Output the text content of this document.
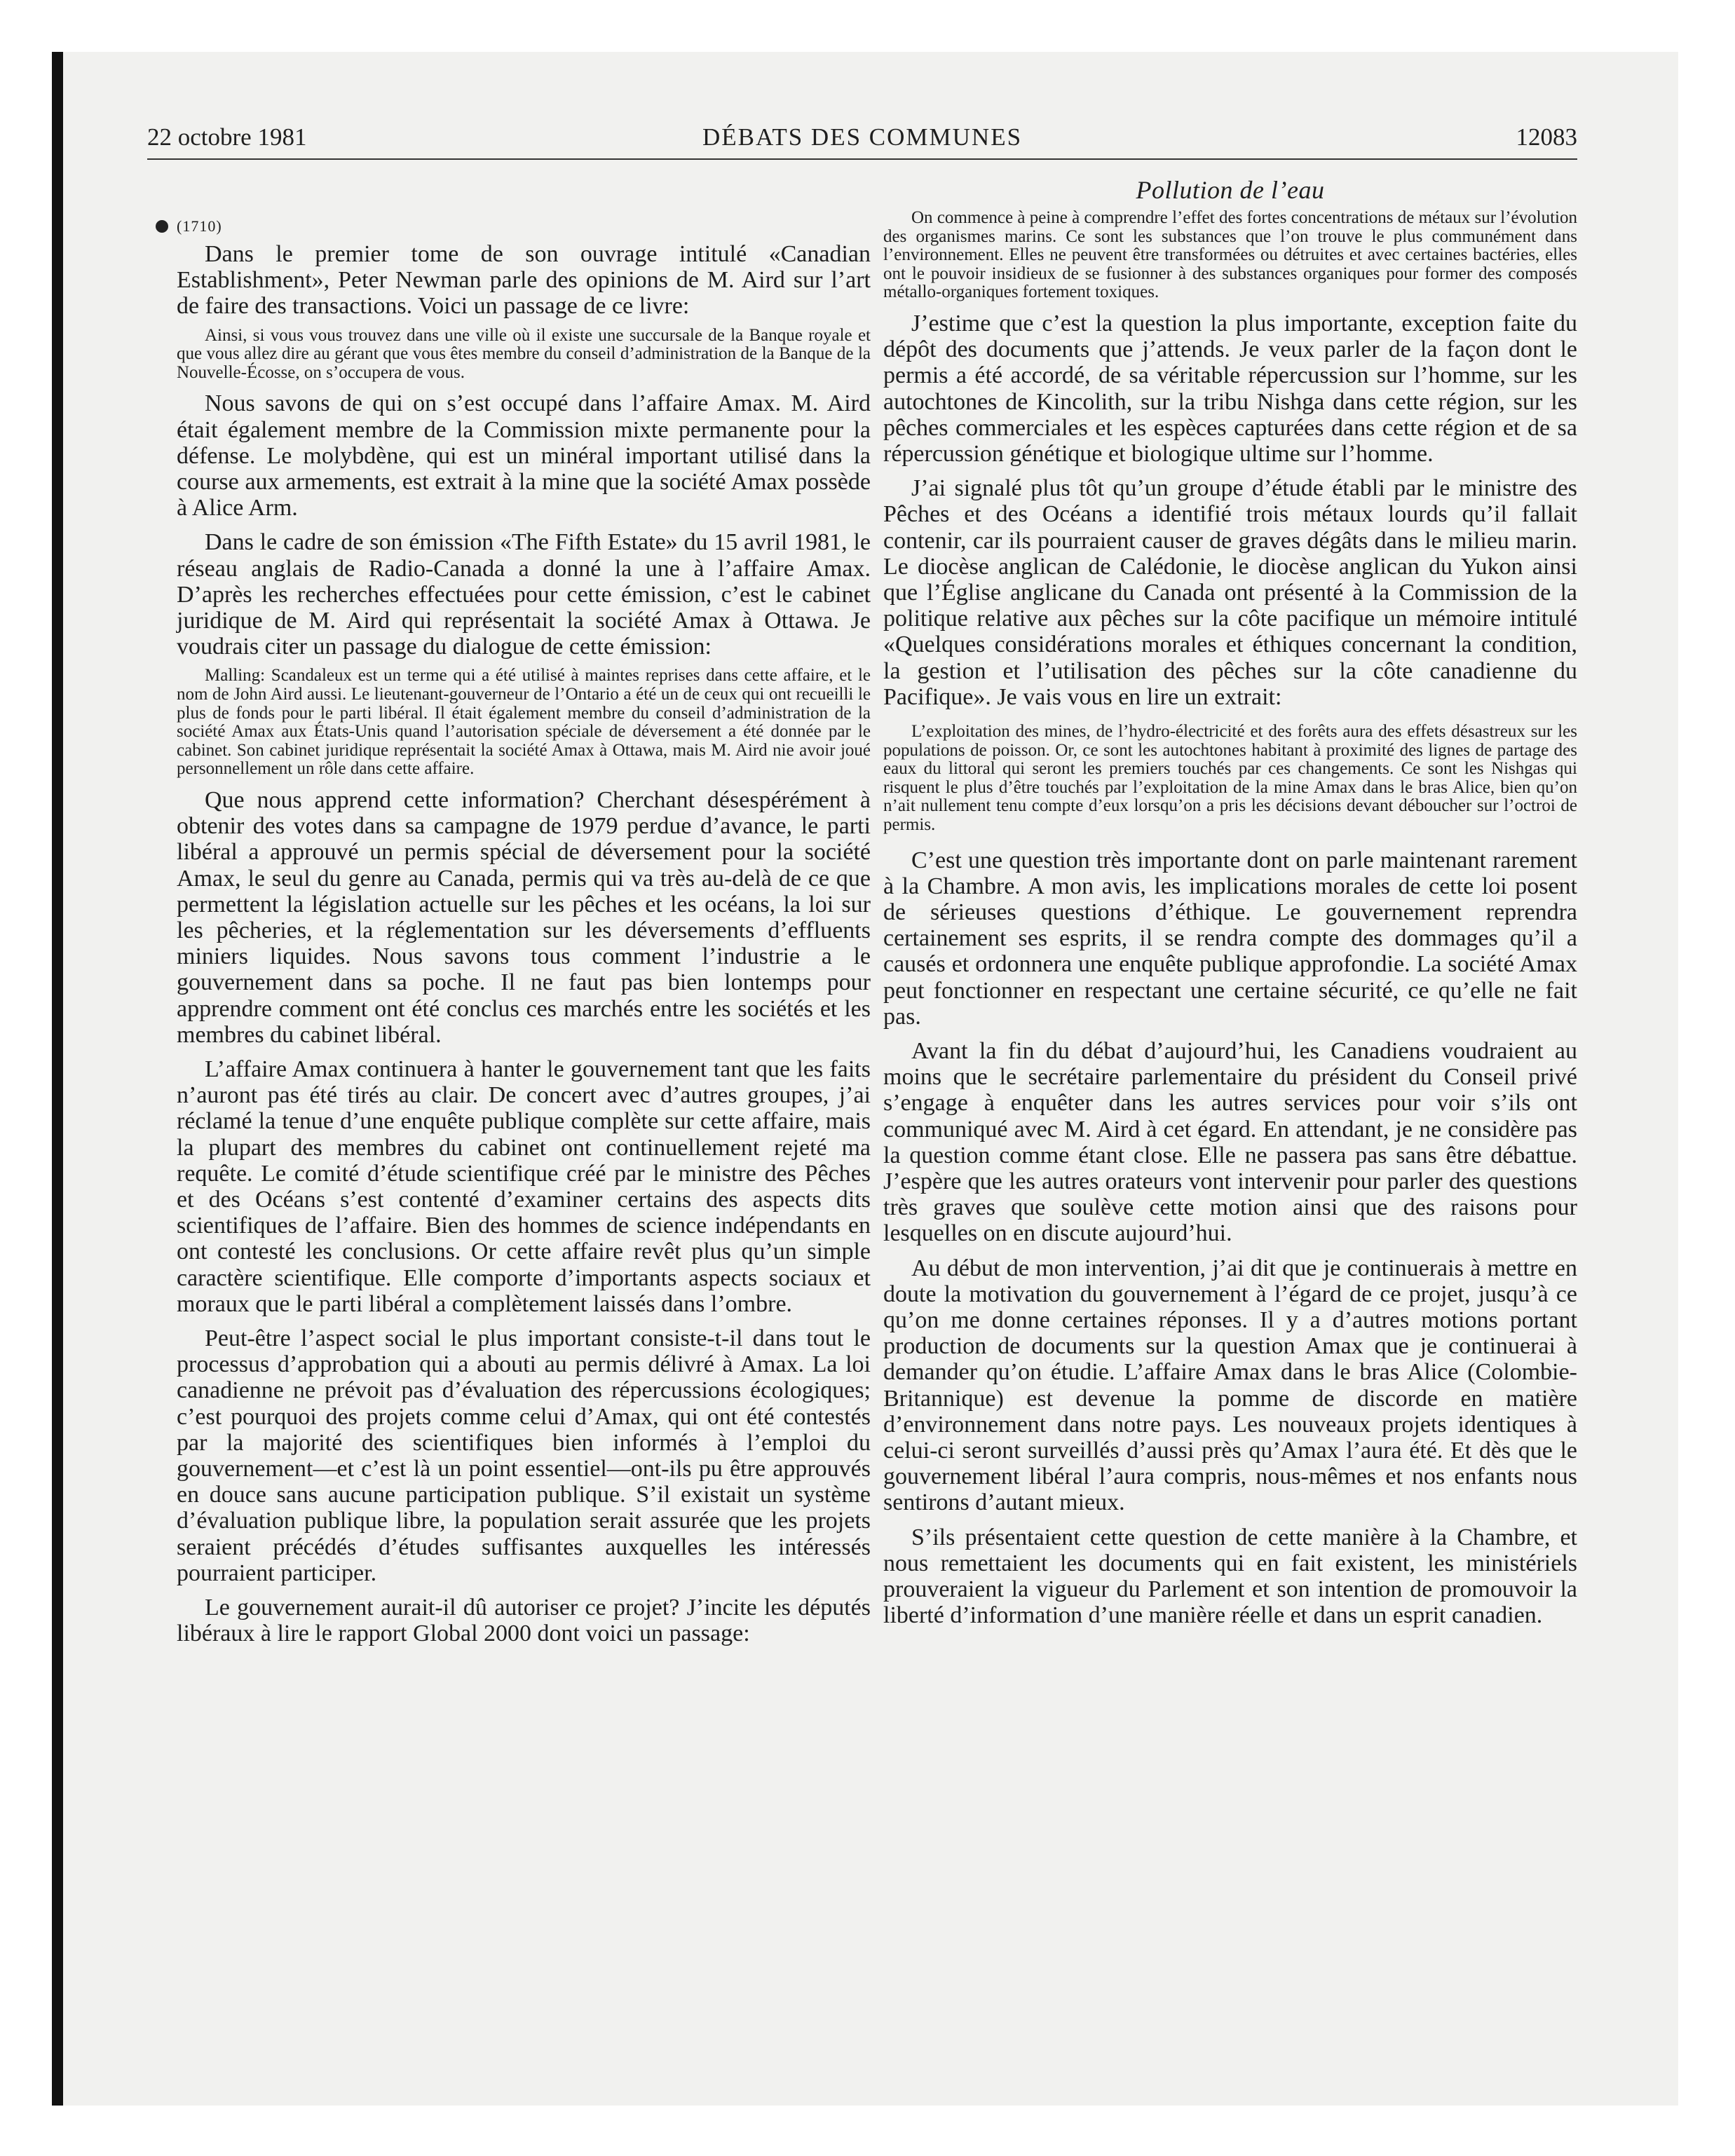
22 octobre 1981	DÉBATS DES COMMUNES	12083
(1710)

Dans le premier tome de son ouvrage intitulé «Canadian Establishment», Peter Newman parle des opinions de M. Aird sur l’art de faire des transactions. Voici un passage de ce livre:

Ainsi, si vous vous trouvez dans une ville où il existe une succursale de la Banque royale et que vous allez dire au gérant que vous êtes membre du conseil d’administration de la Banque de la Nouvelle-Écosse, on s’occupera de vous.

Nous savons de qui on s’est occupé dans l’affaire Amax. M. Aird était également membre de la Commission mixte permanente pour la défense. Le molybdène, qui est un minéral important utilisé dans la course aux armements, est extrait à la mine que la société Amax possède à Alice Arm.

Dans le cadre de son émission «The Fifth Estate» du 15 avril 1981, le réseau anglais de Radio-Canada a donné la une à l’affaire Amax. D’après les recherches effectuées pour cette émission, c’est le cabinet juridique de M. Aird qui représentait la société Amax à Ottawa. Je voudrais citer un passage du dialogue de cette émission:

Malling: Scandaleux est un terme qui a été utilisé à maintes reprises dans cette affaire, et le nom de John Aird aussi. Le lieutenant-gouverneur de l’Ontario a été un de ceux qui ont recueilli le plus de fonds pour le parti libéral. Il était également membre du conseil d’administration de la société Amax aux États-Unis quand l’autorisation spéciale de déversement a été donnée par le cabinet. Son cabinet juridique représentait la société Amax à Ottawa, mais M. Aird nie avoir joué personnellement un rôle dans cette affaire.

Que nous apprend cette information? Cherchant désespérément à obtenir des votes dans sa campagne de 1979 perdue d’avance, le parti libéral a approuvé un permis spécial de déversement pour la société Amax, le seul du genre au Canada, permis qui va très au-delà de ce que permettent la législation actuelle sur les pêches et les océans, la loi sur les pêcheries, et la réglementation sur les déversements d’effluents miniers liquides. Nous savons tous comment l’industrie a le gouvernement dans sa poche. Il ne faut pas bien lontemps pour apprendre comment ont été conclus ces marchés entre les sociétés et les membres du cabinet libéral.

L’affaire Amax continuera à hanter le gouvernement tant que les faits n’auront pas été tirés au clair. De concert avec d’autres groupes, j’ai réclamé la tenue d’une enquête publique complète sur cette affaire, mais la plupart des membres du cabinet ont continuellement rejeté ma requête. Le comité d’étude scientifique créé par le ministre des Pêches et des Océans s’est contenté d’examiner certains des aspects dits scientifiques de l’affaire. Bien des hommes de science indépendants en ont contesté les conclusions. Or cette affaire revêt plus qu’un simple caractère scientifique. Elle comporte d’importants aspects sociaux et moraux que le parti libéral a complètement laissés dans l’ombre.

Peut-être l’aspect social le plus important consiste-t-il dans tout le processus d’approbation qui a abouti au permis délivré à Amax. La loi canadienne ne prévoit pas d’évaluation des répercussions écologiques; c’est pourquoi des projets comme celui d’Amax, qui ont été contestés par la majorité des scientifiques bien informés à l’emploi du gouvernement—et c’est là un point essentiel—ont-ils pu être approuvés en douce sans aucune participation publique. S’il existait un système d’évaluation publique libre, la population serait assurée que les projets seraient précédés d’études suffisantes auxquelles les intéressés pourraient participer.

Le gouvernement aurait-il dû autoriser ce projet? J’incite les députés libéraux à lire le rapport Global 2000 dont voici un passage:

Pollution de l’eau

On commence à peine à comprendre l’effet des fortes concentrations de métaux sur l’évolution des organismes marins. Ce sont les substances que l’on trouve le plus communément dans l’environnement. Elles ne peuvent être transformées ou détruites et avec certaines bactéries, elles ont le pouvoir insidieux de se fusionner à des substances organiques pour former des composés métallo-organiques fortement toxiques.

J’estime que c’est la question la plus importante, exception faite du dépôt des documents que j’attends. Je veux parler de la façon dont le permis a été accordé, de sa véritable répercussion sur l’homme, sur les autochtones de Kincolith, sur la tribu Nishga dans cette région, sur les pêches commerciales et les espèces capturées dans cette région et de sa répercussion génétique et biologique ultime sur l’homme.

J’ai signalé plus tôt qu’un groupe d’étude établi par le ministre des Pêches et des Océans a identifié trois métaux lourds qu’il fallait contenir, car ils pourraient causer de graves dégâts dans le milieu marin. Le diocèse anglican de Calédonie, le diocèse anglican du Yukon ainsi que l’Église anglicane du Canada ont présenté à la Commission de la politique relative aux pêches sur la côte pacifique un mémoire intitulé «Quelques considérations morales et éthiques concernant la condition, la gestion et l’utilisation des pêches sur la côte canadienne du Pacifique». Je vais vous en lire un extrait:

L’exploitation des mines, de l’hydro-électricité et des forêts aura des effets désastreux sur les populations de poisson. Or, ce sont les autochtones habitant à proximité des lignes de partage des eaux du littoral qui seront les premiers touchés par ces changements. Ce sont les Nishgas qui risquent le plus d’être touchés par l’exploitation de la mine Amax dans le bras Alice, bien qu’on n’ait nullement tenu compte d’eux lorsqu’on a pris les décisions devant déboucher sur l’octroi de permis.

C’est une question très importante dont on parle maintenant rarement à la Chambre. A mon avis, les implications morales de cette loi posent de sérieuses questions d’éthique. Le gouvernement reprendra certainement ses esprits, il se rendra compte des dommages qu’il a causés et ordonnera une enquête publique approfondie. La société Amax peut fonctionner en respectant une certaine sécurité, ce qu’elle ne fait pas.

Avant la fin du débat d’aujourd’hui, les Canadiens voudraient au moins que le secrétaire parlementaire du président du Conseil privé s’engage à enquêter dans les autres services pour voir s’ils ont communiqué avec M. Aird à cet égard. En attendant, je ne considère pas la question comme étant close. Elle ne passera pas sans être débattue. J’espère que les autres orateurs vont intervenir pour parler des questions très graves que soulève cette motion ainsi que des raisons pour lesquelles on en discute aujourd’hui.

Au début de mon intervention, j’ai dit que je continuerais à mettre en doute la motivation du gouvernement à l’égard de ce projet, jusqu’à ce qu’on me donne certaines réponses. Il y a d’autres motions portant production de documents sur la question Amax que je continuerai à demander qu’on étudie. L’affaire Amax dans le bras Alice (Colombie-Britannique) est devenue la pomme de discorde en matière d’environnement dans notre pays. Les nouveaux projets identiques à celui-ci seront surveillés d’aussi près qu’Amax l’aura été. Et dès que le gouvernement libéral l’aura compris, nous-mêmes et nos enfants nous sentirons d’autant mieux.

S’ils présentaient cette question de cette manière à la Chambre, et nous remettaient les documents qui en fait existent, les ministériels prouveraient la vigueur du Parlement et son intention de promouvoir la liberté d’information d’une manière réelle et dans un esprit canadien.
